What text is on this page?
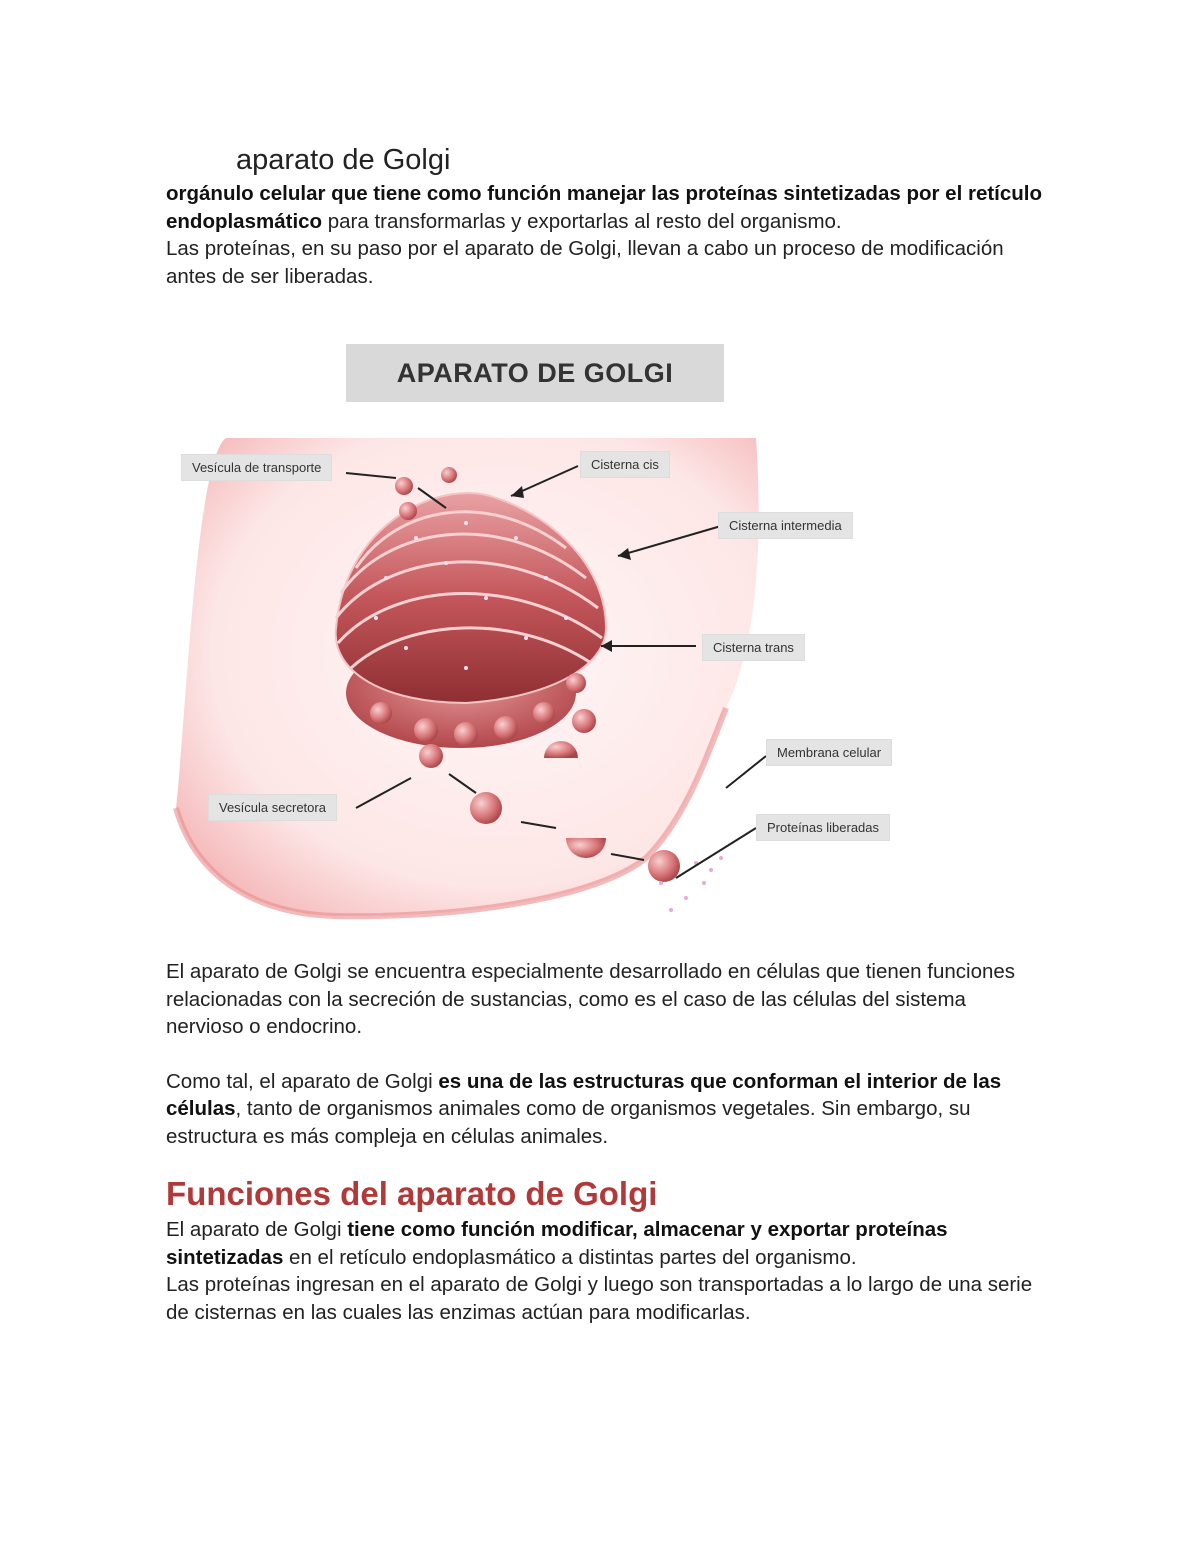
aparato de Golgi

orgánulo celular que tiene como función manejar las proteínas sintetizadas por el retículo endoplasmático para transformarlas y exportarlas al resto del organismo.

Las proteínas, en su paso por el aparato de Golgi, llevan a cabo un proceso de modificación antes de ser liberadas.

APARATO DE GOLGI
Vesícula de transporte	Cisterna cis
Cisterna intermedia
Cisterna trans
Membrana celular
Vesícula secretora
Proteínas liberadas

El aparato de Golgi se encuentra especialmente desarrollado en células que tienen funciones relacionadas con la secreción de sustancias, como es el caso de las células del sistema nervioso o endocrino.

Como tal, el aparato de Golgi es una de las estructuras que conforman el interior de las células, tanto de organismos animales como de organismos vegetales. Sin embargo, su estructura es más compleja en células animales.

Funciones del aparato de Golgi

El aparato de Golgi tiene como función modificar, almacenar y exportar proteínas sintetizadas en el retículo endoplasmático a distintas partes del organismo.

Las proteínas ingresan en el aparato de Golgi y luego son transportadas a lo largo de una serie de cisternas en las cuales las enzimas actúan para modificarlas.
